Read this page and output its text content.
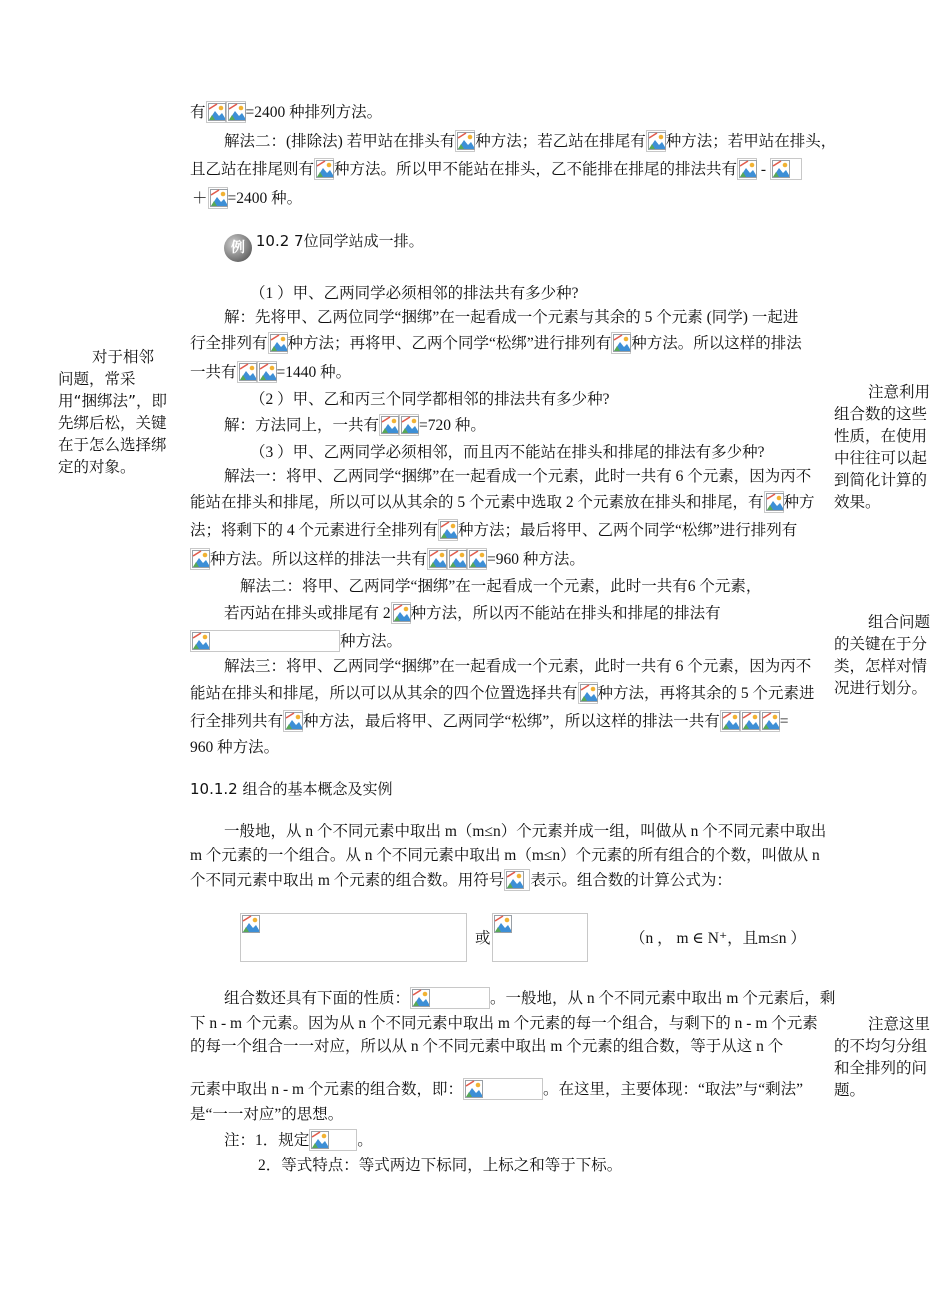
有	=2400 种排列方法。
解法二：(排除法) 若甲站在排头有 种方法；若乙站在排尾有 种方法；若甲站在排头，
且乙站在排尾则有 种方法。所以甲不能站在排头，乙不能排在排尾的排法共有
-
＋ =2400 种。
例 10.2 7位同学站成一排。
（1 ）甲、乙两同学必须相邻的排法共有多少种?
解：先将甲、乙两位同学“捆绑”在一起看成一个元素与其余的 5 个元素 (同学) 一起进
行全排列有 种方法；再将甲、乙两个同学“松绑”进行排列有 种方法。所以这样的排法
一共有	=1440 种。
（2 ）甲、乙和丙三个同学都相邻的排法共有多少种?
解：方法同上，一共有	=720 种。
（3 ）甲、乙两同学必须相邻，而且丙不能站在排头和排尾的排法有多少种?
解法一：将甲、乙两同学“捆绑”在一起看成一个元素，此时一共有 6 个元素，因为丙不
能站在排头和排尾，所以可以从其余的 5 个元素中选取 2 个元素放在排头和排尾，有 种方
法；将剩下的 4 个元素进行全排列有 种方法；最后将甲、乙两个同学“松绑”进行排列有
种方法。所以这样的排法一共有	=960 种方法。
解法二：将甲、乙两同学“捆绑”在一起看成一个元素，此时一共有6 个元素，
若丙站在排头或排尾有 2 种方法，所以丙不能站在排头和排尾的排法有
种方法。
解法三：将甲、乙两同学“捆绑”在一起看成一个元素，此时一共有 6 个元素，因为丙不
能站在排头和排尾，所以可以从其余的四个位置选择共有 种方法，再将其余的 5 个元素进
行全排列共有 种方法，最后将甲、乙两同学“松绑”，所以这样的排法一共有	=
960 种方法。
10.1.2 组合的基本概念及实例
一般地，从 n 个不同元素中取出 m（m≤n）个元素并成一组，叫做从 n 个不同元素中取出
m 个元素的一个组合。从 n 个不同元素中取出 m（m≤n）个元素的所有组合的个数，叫做从 n
个不同元素中取出 m 个元素的组合数。用符号 表示。组合数的计算公式为：
或	（n ， m ∈ N⁺，且m≤n ）
组合数还具有下面的性质：	。一般地，从 n 个不同元素中取出 m 个元素后，剩
下 n - m 个元素。因为从 n 个不同元素中取出 m 个元素的每一个组合，与剩下的 n - m 个元素
的每一个组合一一对应，所以从 n 个不同元素中取出 m 个元素的组合数，等于从这 n 个
元素中取出 n - m 个元素的组合数，即：	。在这里，主要体现：“取法”与“剩法”
是“一一对应”的思想。
注：1．规定	。
2．等式特点：等式两边下标同，上标之和等于下标。
对于相邻问题，常采用“捆绑法”，即先绑后松，关键在于怎么选择绑定的对象。
注意利用组合数的这些性质，在使用中往往可以起到简化计算的效果。
组合问题的关键在于分类，怎样对情况进行划分。
注意这里的不均匀分组和全排列的问题。
